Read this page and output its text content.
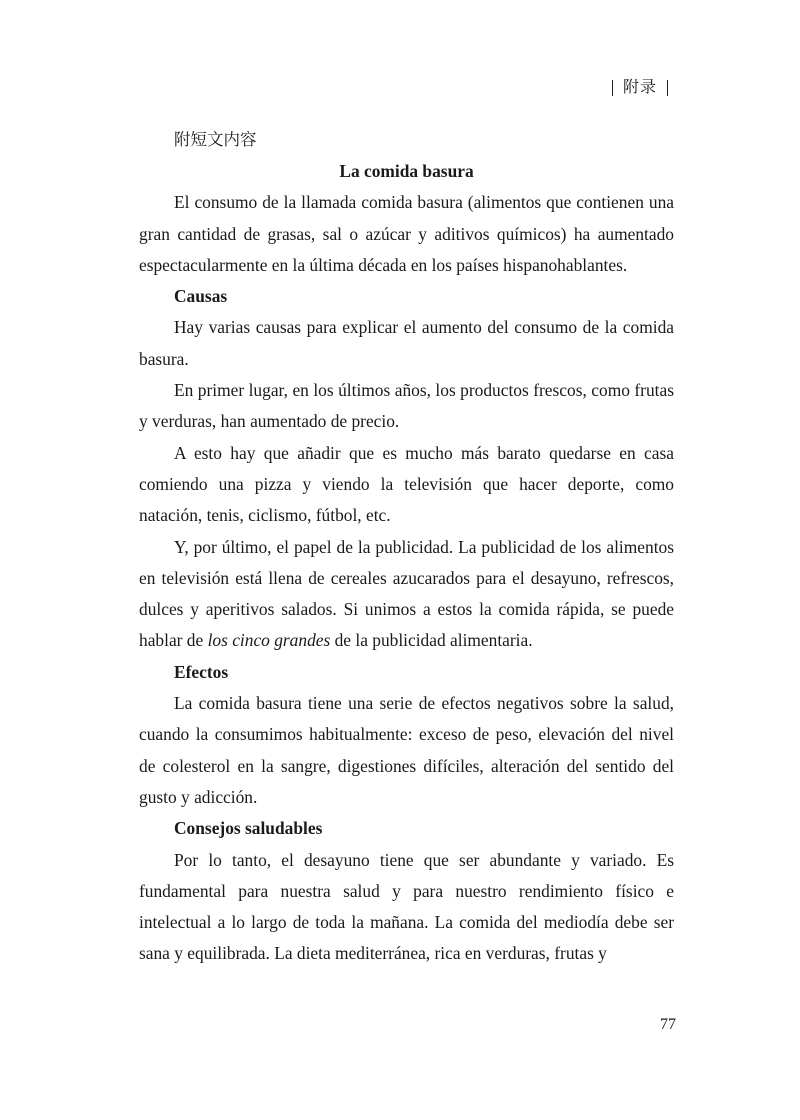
附录
附短文内容
La comida basura

El consumo de la llamada comida basura (alimentos que contienen una gran cantidad de grasas, sal o azúcar y aditivos químicos) ha aumentado espectacularmente en la última década en los países hispanohablantes.

Causas

Hay varias causas para explicar el aumento del consumo de la comida basura.

En primer lugar, en los últimos años, los productos frescos, como frutas y verduras, han aumentado de precio.

A esto hay que añadir que es mucho más barato quedarse en casa comiendo una pizza y viendo la televisión que hacer deporte, como natación, tenis, ciclismo, fútbol, etc.

Y, por último, el papel de la publicidad. La publicidad de los alimentos en televisión está llena de cereales azucarados para el desayuno, refrescos, dulces y aperitivos salados. Si unimos a estos la comida rápida, se puede hablar de los cinco grandes de la publicidad alimentaria.

Efectos

La comida basura tiene una serie de efectos negativos sobre la salud, cuando la consumimos habitualmente: exceso de peso, elevación del nivel de colesterol en la sangre, digestiones difíciles, alteración del sentido del gusto y adicción.

Consejos saludables

Por lo tanto, el desayuno tiene que ser abundante y variado. Es fundamental para nuestra salud y para nuestro rendimiento físico e intelectual a lo largo de toda la mañana. La comida del mediodía debe ser sana y equilibrada. La dieta mediterránea, rica en verduras, frutas y

77
